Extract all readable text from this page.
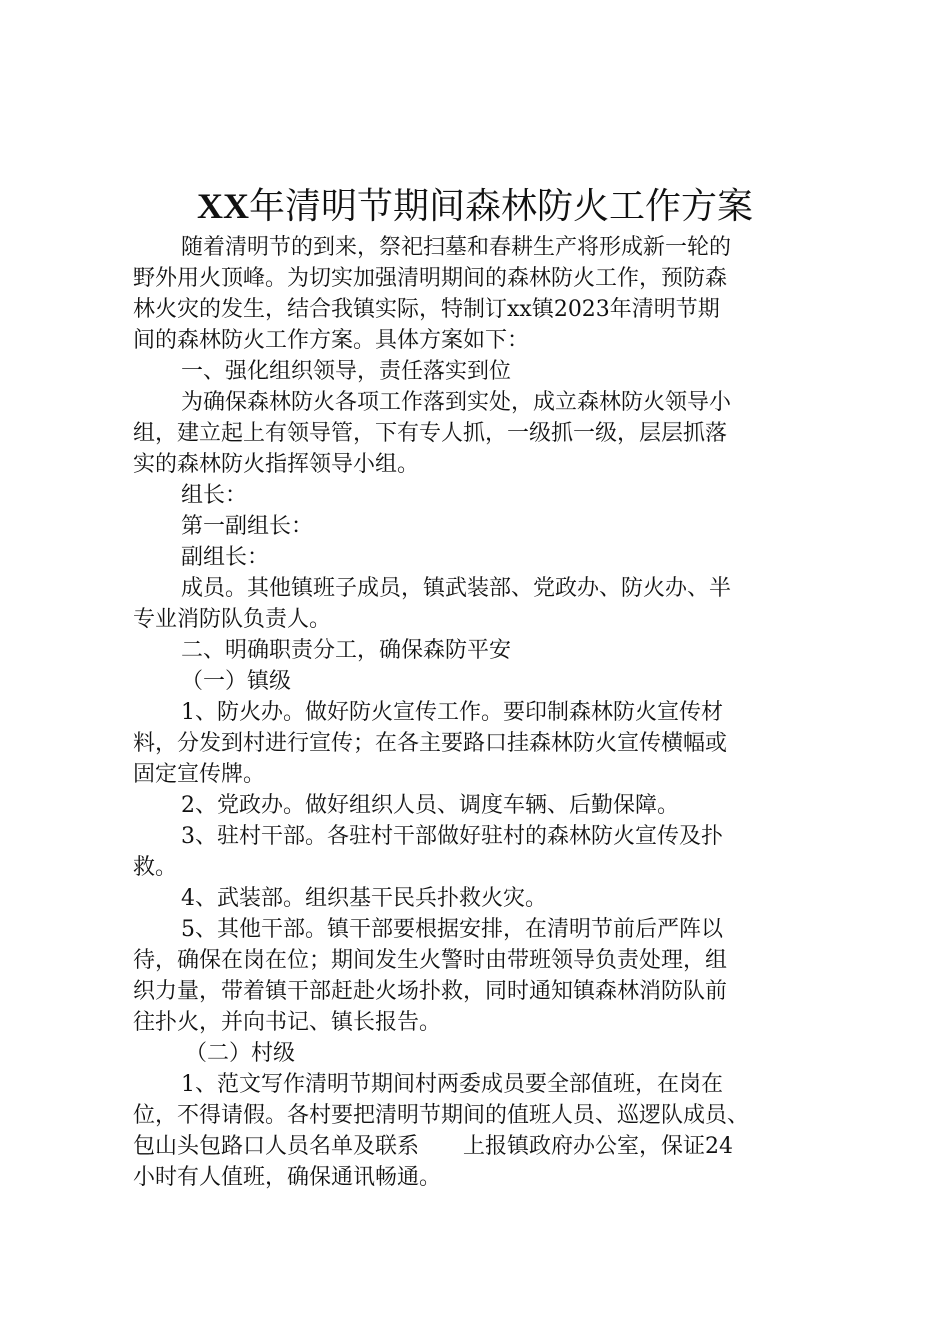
XX年清明节期间森林防火工作方案

随着清明节的到来，祭祀扫墓和春耕生产将形成新一轮的

野外用火顶峰。为切实加强清明期间的森林防火工作，预防森

林火灾的发生，结合我镇实际，特制订xx镇2023年清明节期

间的森林防火工作方案。具体方案如下：

一、强化组织领导，责任落实到位

为确保森林防火各项工作落到实处，成立森林防火领导小

组，建立起上有领导管，下有专人抓，一级抓一级，层层抓落

实的森林防火指挥领导小组。

组长：

第一副组长：

副组长：

成员。其他镇班子成员，镇武装部、党政办、防火办、半

专业消防队负责人。

二、明确职责分工，确保森防平安

（一）镇级

1、防火办。做好防火宣传工作。要印制森林防火宣传材

料，分发到村进行宣传；在各主要路口挂森林防火宣传横幅或

固定宣传牌。

2、党政办。做好组织人员、调度车辆、后勤保障。

3、驻村干部。各驻村干部做好驻村的森林防火宣传及扑

救。

4、武装部。组织基干民兵扑救火灾。

5、其他干部。镇干部要根据安排，在清明节前后严阵以

待，确保在岗在位；期间发生火警时由带班领导负责处理，组

织力量，带着镇干部赶赴火场扑救，同时通知镇森林消防队前

往扑火，并向书记、镇长报告。

（二）村级

1、范文写作清明节期间村两委成员要全部值班，在岗在

位，不得请假。各村要把清明节期间的值班人员、巡逻队成员、

包山头包路口人员名单及联系　　上报镇政府办公室，保证24

小时有人值班，确保通讯畅通。
